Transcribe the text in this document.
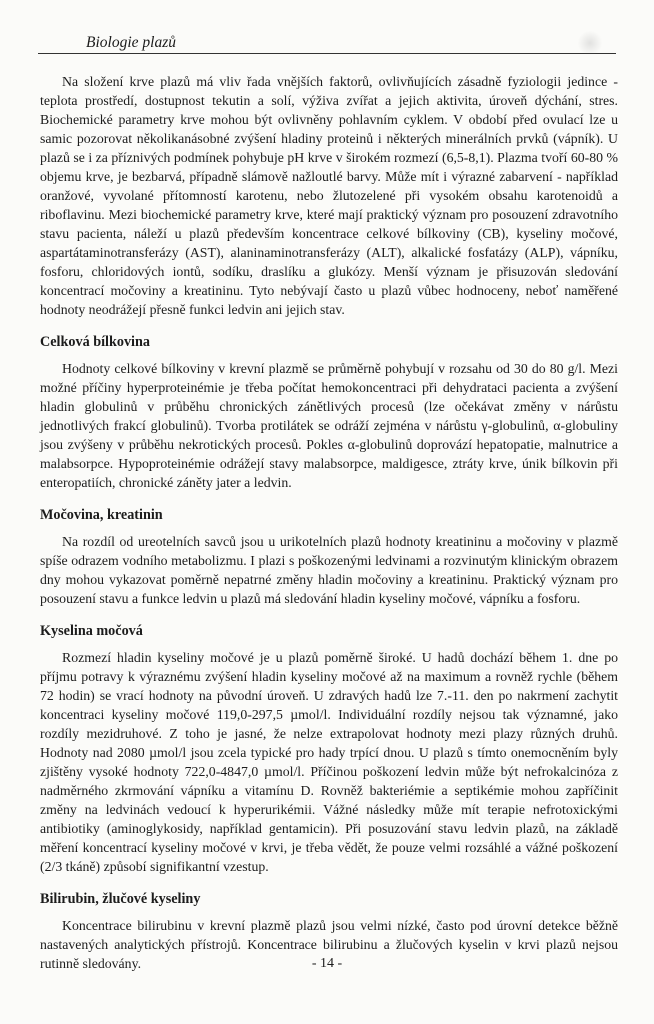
Biologie plazů

Na složení krve plazů má vliv řada vnějších faktorů, ovlivňujících zásadně fyziologii jedince - teplota prostředí, dostupnost tekutin a solí, výživa zvířat a jejich aktivita, úroveň dýchání, stres. Biochemické parametry krve mohou být ovlivněny pohlavním cyklem. V období před ovulací lze u samic pozorovat několikanásobné zvýšení hladiny proteinů i některých minerálních prvků (vápník). U plazů se i za příznivých podmínek pohybuje pH krve v širokém rozmezí (6,5-8,1). Plazma tvoří 60-80 % objemu krve, je bezbarvá, případně slámově nažloutlé barvy. Může mít i výrazné zabarvení - například oranžové, vyvolané přítomností karotenu, nebo žlutozelené při vysokém obsahu karotenoidů a riboflavinu. Mezi biochemické parametry krve, které mají praktický význam pro posouzení zdravotního stavu pacienta, náleží u plazů především koncentrace celkové bílkoviny (CB), kyseliny močové, aspartátaminotransferázy (AST), alaninaminotransferázy (ALT), alkalické fosfatázy (ALP), vápníku, fosforu, chloridových iontů, sodíku, draslíku a glukózy. Menší význam je přisuzován sledování koncentrací močoviny a kreatininu. Tyto nebývají často u plazů vůbec hodnoceny, neboť naměřené hodnoty neodrážejí přesně funkci ledvin ani jejich stav.

Celková bílkovina

Hodnoty celkové bílkoviny v krevní plazmě se průměrně pohybují v rozsahu od 30 do 80 g/l. Mezi možné příčiny hyperproteinémie je třeba počítat hemokoncentraci při dehydrataci pacienta a zvýšení hladin globulinů v průběhu chronických zánětlivých procesů (lze očekávat změny v nárůstu jednotlivých frakcí globulinů). Tvorba protilátek se odráží zejména v nárůstu γ-globulinů, α-globuliny jsou zvýšeny v průběhu nekrotických procesů. Pokles α-globulinů doprovází hepatopatie, malnutrice a malabsorpce. Hypoproteinémie odrážejí stavy malabsorpce, maldigesce, ztráty krve, únik bílkovin při enteropatiích, chronické záněty jater a ledvin.

Močovina, kreatinin

Na rozdíl od ureotelních savců jsou u urikotelních plazů hodnoty kreatininu a močoviny v plazmě spíše odrazem vodního metabolizmu. I plazi s poškozenými ledvinami a rozvinutým klinickým obrazem dny mohou vykazovat poměrně nepatrné změny hladin močoviny a kreatininu. Praktický význam pro posouzení stavu a funkce ledvin u plazů má sledování hladin kyseliny močové, vápníku a fosforu.

Kyselina močová

Rozmezí hladin kyseliny močové je u plazů poměrně široké. U hadů dochází během 1. dne po příjmu potravy k výraznému zvýšení hladin kyseliny močové až na maximum a rovněž rychle (během 72 hodin) se vrací hodnoty na původní úroveň. U zdravých hadů lze 7.-11. den po nakrmení zachytit koncentraci kyseliny močové 119,0-297,5 µmol/l. Individuální rozdíly nejsou tak významné, jako rozdíly mezidruhové. Z toho je jasné, že nelze extrapolovat hodnoty mezi plazy různých druhů. Hodnoty nad 2080 µmol/l jsou zcela typické pro hady trpící dnou. U plazů s tímto onemocněním byly zjištěny vysoké hodnoty 722,0-4847,0 µmol/l. Příčinou poškození ledvin může být nefrokalcinóza z nadměrného zkrmování vápníku a vitamínu D. Rovněž bakteriémie a septikémie mohou zapříčinit změny na ledvinách vedoucí k hyperurikémii. Vážné následky může mít terapie nefrotoxickými antibiotiky (aminoglykosidy, například gentamicin). Při posuzování stavu ledvin plazů, na základě měření koncentrací kyseliny močové v krvi, je třeba vědět, že pouze velmi rozsáhlé a vážné poškození (2/3 tkáně) způsobí signifikantní vzestup.

Bilirubin, žlučové kyseliny

Koncentrace bilirubinu v krevní plazmě plazů jsou velmi nízké, často pod úrovní detekce běžně nastavených analytických přístrojů. Koncentrace bilirubinu a žlučových kyselin v krvi plazů nejsou rutinně sledovány.	- 14 -
